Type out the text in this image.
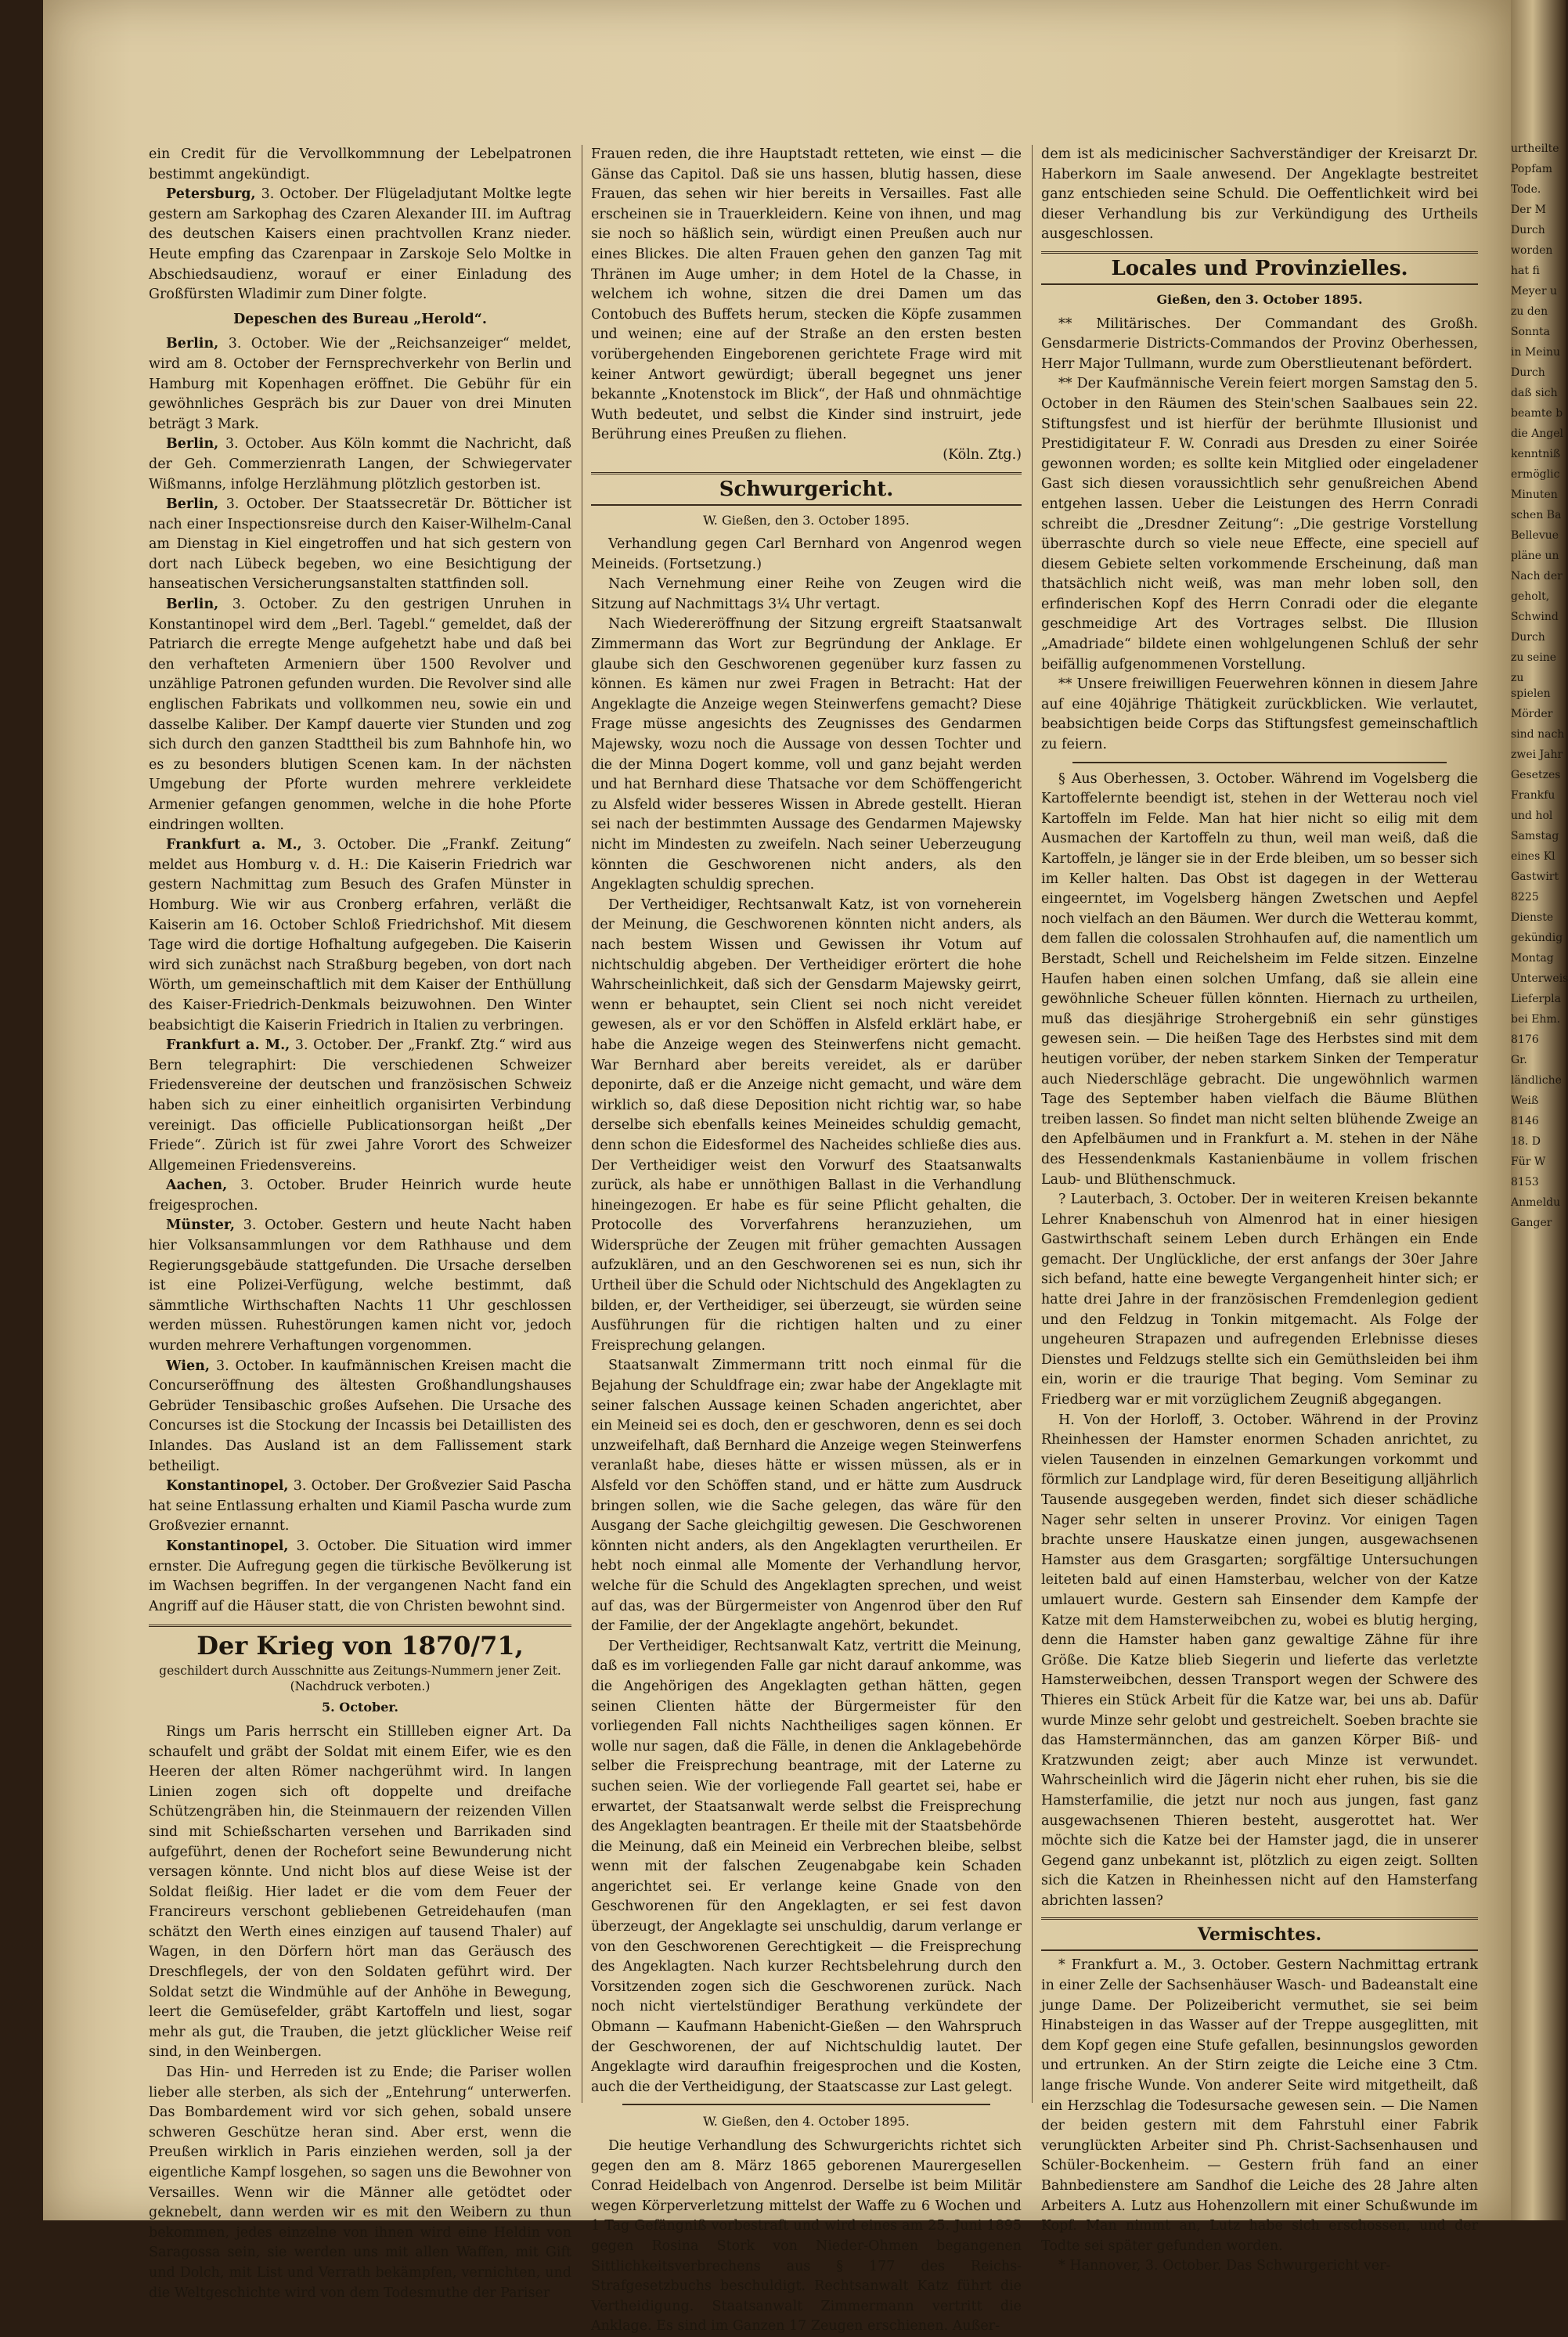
ein Credit für die Vervollkommnung der Lebelpatronen bestimmt angekündigt.

Petersburg, 3. October. Der Flügeladjutant Moltke legte gestern am Sarkophag des Czaren Alexander III. im Auftrag des deutschen Kaisers einen prachtvollen Kranz nieder. Heute empfing das Czarenpaar in Zarskoje Selo Moltke in Abschiedsaudienz, worauf er einer Einladung des Großfürsten Wladimir zum Diner folgte.

Depeschen des Bureau „Herold“.

Berlin, 3. October. Wie der „Reichsanzeiger“ meldet, wird am 8. October der Fernsprechverkehr von Berlin und Hamburg mit Kopenhagen eröffnet. Die Gebühr für ein gewöhnliches Gespräch bis zur Dauer von drei Minuten beträgt 3 Mark.

Berlin, 3. October. Aus Köln kommt die Nachricht, daß der Geh. Commerzienrath Langen, der Schwiegervater Wißmanns, infolge Herzlähmung plötzlich gestorben ist.

Berlin, 3. October. Der Staatssecretär Dr. Bötticher ist nach einer Inspectionsreise durch den Kaiser-Wilhelm-Canal am Dienstag in Kiel eingetroffen und hat sich gestern von dort nach Lübeck begeben, wo eine Besichtigung der hanseatischen Versicherungsanstalten stattfinden soll.

Berlin, 3. October. Zu den gestrigen Unruhen in Konstantinopel wird dem „Berl. Tagebl.“ gemeldet, daß der Patriarch die erregte Menge aufgehetzt habe und daß bei den verhafteten Armeniern über 1500 Revolver und unzählige Patronen gefunden wurden. Die Revolver sind alle englischen Fabrikats und vollkommen neu, sowie ein und dasselbe Kaliber. Der Kampf dauerte vier Stunden und zog sich durch den ganzen Stadttheil bis zum Bahnhofe hin, wo es zu besonders blutigen Scenen kam. In der nächsten Umgebung der Pforte wurden mehrere verkleidete Armenier gefangen genommen, welche in die hohe Pforte eindringen wollten.

Frankfurt a. M., 3. October. Die „Frankf. Zeitung“ meldet aus Homburg v. d. H.: Die Kaiserin Friedrich war gestern Nachmittag zum Besuch des Grafen Münster in Homburg. Wie wir aus Cronberg erfahren, verläßt die Kaiserin am 16. October Schloß Friedrichshof. Mit diesem Tage wird die dortige Hofhaltung aufgegeben. Die Kaiserin wird sich zunächst nach Straßburg begeben, von dort nach Wörth, um gemeinschaftlich mit dem Kaiser der Enthüllung des Kaiser-Friedrich-Denkmals beizuwohnen. Den Winter beabsichtigt die Kaiserin Friedrich in Italien zu verbringen.

Frankfurt a. M., 3. October. Der „Frankf. Ztg.“ wird aus Bern telegraphirt: Die verschiedenen Schweizer Friedensvereine der deutschen und französischen Schweiz haben sich zu einer einheitlich organisirten Verbindung vereinigt. Das officielle Publicationsorgan heißt „Der Friede“. Zürich ist für zwei Jahre Vorort des Schweizer Allgemeinen Friedensvereins.

Aachen, 3. October. Bruder Heinrich wurde heute freigesprochen.

Münster, 3. October. Gestern und heute Nacht haben hier Volksansammlungen vor dem Rathhause und dem Regierungsgebäude stattgefunden. Die Ursache derselben ist eine Polizei-Verfügung, welche bestimmt, daß sämmtliche Wirthschaften Nachts 11 Uhr geschlossen werden müssen. Ruhestörungen kamen nicht vor, jedoch wurden mehrere Verhaftungen vorgenommen.

Wien, 3. October. In kaufmännischen Kreisen macht die Concurseröffnung des ältesten Großhandlungshauses Gebrüder Tensibaschic großes Aufsehen. Die Ursache des Concurses ist die Stockung der Incassis bei Detaillisten des Inlandes. Das Ausland ist an dem Fallissement stark betheiligt.

Konstantinopel, 3. October. Der Großvezier Said Pascha hat seine Entlassung erhalten und Kiamil Pascha wurde zum Großvezier ernannt.

Konstantinopel, 3. October. Die Situation wird immer ernster. Die Aufregung gegen die türkische Bevölkerung ist im Wachsen begriffen. In der vergangenen Nacht fand ein Angriff auf die Häuser statt, die von Christen bewohnt sind.

Der Krieg von 1870/71,
geschildert durch Ausschnitte aus Zeitungs-Nummern jener Zeit. (Nachdruck verboten.)
5. October.

Rings um Paris herrscht ein Stillleben eigner Art. Da schaufelt und gräbt der Soldat mit einem Eifer, wie es den Heeren der alten Römer nachgerühmt wird. In langen Linien zogen sich oft doppelte und dreifache Schützengräben hin, die Steinmauern der reizenden Villen sind mit Schießscharten versehen und Barrikaden sind aufgeführt, denen der Rochefort seine Bewunderung nicht versagen könnte. Und nicht blos auf diese Weise ist der Soldat fleißig. Hier ladet er die vom dem Feuer der Francireurs verschont gebliebenen Getreidehaufen (man schätzt den Werth eines einzigen auf tausend Thaler) auf Wagen, in den Dörfern hört man das Geräusch des Dreschflegels, der von den Soldaten geführt wird. Der Soldat setzt die Windmühle auf der Anhöhe in Bewegung, leert die Gemüsefelder, gräbt Kartoffeln und liest, sogar mehr als gut, die Trauben, die jetzt glücklicher Weise reif sind, in den Weinbergen.

Das Hin- und Herreden ist zu Ende; die Pariser wollen lieber alle sterben, als sich der „Entehrung“ unterwerfen. Das Bombardement wird vor sich gehen, sobald unsere schweren Geschütze heran sind. Aber erst, wenn die Preußen wirklich in Paris einziehen werden, soll ja der eigentliche Kampf losgehen, so sagen uns die Bewohner von Versailles. Wenn wir die Männer alle getödtet oder geknebelt, dann werden wir es mit den Weibern zu thun bekommen, jedes einzelne von ihnen wird eine Heldin von Saragossa sein, sie werden uns mit allen Waffen, mit Gift und Dolch, mit List und Verrath bekämpfen, vernichten, und die Weltgeschichte wird von dem Todesmuthe der Pariser

Frauen reden, die ihre Hauptstadt retteten, wie einst — die Gänse das Capitol. Daß sie uns hassen, blutig hassen, diese Frauen, das sehen wir hier bereits in Versailles. Fast alle erscheinen sie in Trauerkleidern. Keine von ihnen, und mag sie noch so häßlich sein, würdigt einen Preußen auch nur eines Blickes. Die alten Frauen gehen den ganzen Tag mit Thränen im Auge umher; in dem Hotel de la Chasse, in welchem ich wohne, sitzen die drei Damen um das Contobuch des Buffets herum, stecken die Köpfe zusammen und weinen; eine auf der Straße an den ersten besten vorübergehenden Eingeborenen gerichtete Frage wird mit keiner Antwort gewürdigt; überall begegnet uns jener bekannte „Knotenstock im Blick“, der Haß und ohnmächtige Wuth bedeutet, und selbst die Kinder sind instruirt, jede Berührung eines Preußen zu fliehen.

(Köln. Ztg.)

Schwurgericht.
W. Gießen, den 3. October 1895.

Verhandlung gegen Carl Bernhard von Angenrod wegen Meineids. (Fortsetzung.)

Nach Vernehmung einer Reihe von Zeugen wird die Sitzung auf Nachmittags 3¼ Uhr vertagt.

Nach Wiedereröffnung der Sitzung ergreift Staatsanwalt Zimmermann das Wort zur Begründung der Anklage. Er glaube sich den Geschworenen gegenüber kurz fassen zu können. Es kämen nur zwei Fragen in Betracht: Hat der Angeklagte die Anzeige wegen Steinwerfens gemacht? Diese Frage müsse angesichts des Zeugnisses des Gendarmen Majewsky, wozu noch die Aussage von dessen Tochter und die der Minna Dogert komme, voll und ganz bejaht werden und hat Bernhard diese Thatsache vor dem Schöffengericht zu Alsfeld wider besseres Wissen in Abrede gestellt. Hieran sei nach der bestimmten Aussage des Gendarmen Majewsky nicht im Mindesten zu zweifeln. Nach seiner Ueberzeugung könnten die Geschworenen nicht anders, als den Angeklagten schuldig sprechen.

Der Vertheidiger, Rechtsanwalt Katz, ist von vorneherein der Meinung, die Geschworenen könnten nicht anders, als nach bestem Wissen und Gewissen ihr Votum auf nichtschuldig abgeben. Der Vertheidiger erörtert die hohe Wahrscheinlichkeit, daß sich der Gensdarm Majewsky geirrt, wenn er behauptet, sein Client sei noch nicht vereidet gewesen, als er vor den Schöffen in Alsfeld erklärt habe, er habe die Anzeige wegen des Steinwerfens nicht gemacht. War Bernhard aber bereits vereidet, als er darüber deponirte, daß er die Anzeige nicht gemacht, und wäre dem wirklich so, daß diese Deposition nicht richtig war, so habe derselbe sich ebenfalls keines Meineides schuldig gemacht, denn schon die Eidesformel des Nacheides schließe dies aus. Der Vertheidiger weist den Vorwurf des Staatsanwalts zurück, als habe er unnöthigen Ballast in die Verhandlung hineingezogen. Er habe es für seine Pflicht gehalten, die Protocolle des Vorverfahrens heranzuziehen, um Widersprüche der Zeugen mit früher gemachten Aussagen aufzuklären, und an den Geschworenen sei es nun, sich ihr Urtheil über die Schuld oder Nichtschuld des Angeklagten zu bilden, er, der Vertheidiger, sei überzeugt, sie würden seine Ausführungen für die richtigen halten und zu einer Freisprechung gelangen.

Staatsanwalt Zimmermann tritt noch einmal für die Bejahung der Schuldfrage ein; zwar habe der Angeklagte mit seiner falschen Aussage keinen Schaden angerichtet, aber ein Meineid sei es doch, den er geschworen, denn es sei doch unzweifelhaft, daß Bernhard die Anzeige wegen Steinwerfens veranlaßt habe, dieses hätte er wissen müssen, als er in Alsfeld vor den Schöffen stand, und er hätte zum Ausdruck bringen sollen, wie die Sache gelegen, das wäre für den Ausgang der Sache gleichgiltig gewesen. Die Geschworenen könnten nicht anders, als den Angeklagten verurtheilen. Er hebt noch einmal alle Momente der Verhandlung hervor, welche für die Schuld des Angeklagten sprechen, und weist auf das, was der Bürgermeister von Angenrod über den Ruf der Familie, der der Angeklagte angehört, bekundet.

Der Vertheidiger, Rechtsanwalt Katz, vertritt die Meinung, daß es im vorliegenden Falle gar nicht darauf ankomme, was die Angehörigen des Angeklagten gethan hätten, gegen seinen Clienten hätte der Bürgermeister für den vorliegenden Fall nichts Nachtheiliges sagen können. Er wolle nur sagen, daß die Fälle, in denen die Anklagebehörde selber die Freisprechung beantrage, mit der Laterne zu suchen seien. Wie der vorliegende Fall geartet sei, habe er erwartet, der Staatsanwalt werde selbst die Freisprechung des Angeklagten beantragen. Er theile mit der Staatsbehörde die Meinung, daß ein Meineid ein Verbrechen bleibe, selbst wenn mit der falschen Zeugenabgabe kein Schaden angerichtet sei. Er verlange keine Gnade von den Geschworenen für den Angeklagten, er sei fest davon überzeugt, der Angeklagte sei unschuldig, darum verlange er von den Geschworenen Gerechtigkeit — die Freisprechung des Angeklagten. Nach kurzer Rechtsbelehrung durch den Vorsitzenden zogen sich die Geschworenen zurück. Nach noch nicht viertelstündiger Berathung verkündete der Obmann — Kaufmann Habenicht-Gießen — den Wahrspruch der Geschworenen, der auf Nichtschuldig lautet. Der Angeklagte wird daraufhin freigesprochen und die Kosten, auch die der Vertheidigung, der Staatscasse zur Last gelegt.

W. Gießen, den 4. October 1895.

Die heutige Verhandlung des Schwurgerichts richtet sich gegen den am 8. März 1865 geborenen Maurergesellen Conrad Heidelbach von Angenrod. Derselbe ist beim Militär wegen Körperverletzung mittelst der Waffe zu 6 Wochen und 1 Tag Gefängniß vorbestraft und wird eines am 25. Juni 1895 gegen Rosina Stork von Nieder-Ohmen begangenen Sittlichkeitsverbrechens aus § 177 des Reichs-Strafgesetzbuchs beschuldigt. Rechtsanwalt Katz führt die Vertheidigung. Staatsanwalt Zimmermann vertritt die Anklage. Es sind im Ganzen 17 Zeugen erschienen. Außer-

dem ist als medicinischer Sachverständiger der Kreisarzt Dr. Haberkorn im Saale anwesend. Der Angeklagte bestreitet ganz entschieden seine Schuld. Die Oeffentlichkeit wird bei dieser Verhandlung bis zur Verkündigung des Urtheils ausgeschlossen.

Locales und Provinzielles.
Gießen, den 3. October 1895.

** Militärisches. Der Commandant des Großh. Gensdarmerie Districts-Commandos der Provinz Oberhessen, Herr Major Tullmann, wurde zum Oberstlieutenant befördert.

** Der Kaufmännische Verein feiert morgen Samstag den 5. October in den Räumen des Stein'schen Saalbaues sein 22. Stiftungsfest und ist hierfür der berühmte Illusionist und Prestidigitateur F. W. Conradi aus Dresden zu einer Soirée gewonnen worden; es sollte kein Mitglied oder eingeladener Gast sich diesen voraussichtlich sehr genußreichen Abend entgehen lassen. Ueber die Leistungen des Herrn Conradi schreibt die „Dresdner Zeitung“: „Die gestrige Vorstellung überraschte durch so viele neue Effecte, eine speciell auf diesem Gebiete selten vorkommende Erscheinung, daß man thatsächlich nicht weiß, was man mehr loben soll, den erfinderischen Kopf des Herrn Conradi oder die elegante geschmeidige Art des Vortrages selbst. Die Illusion „Amadriade“ bildete einen wohlgelungenen Schluß der sehr beifällig aufgenommenen Vorstellung.

** Unsere freiwilligen Feuerwehren können in diesem Jahre auf eine 40jährige Thätigkeit zurückblicken. Wie verlautet, beabsichtigen beide Corps das Stiftungsfest gemeinschaftlich zu feiern.

§ Aus Oberhessen, 3. October. Während im Vogelsberg die Kartoffelernte beendigt ist, stehen in der Wetterau noch viel Kartoffeln im Felde. Man hat hier nicht so eilig mit dem Ausmachen der Kartoffeln zu thun, weil man weiß, daß die Kartoffeln, je länger sie in der Erde bleiben, um so besser sich im Keller halten. Das Obst ist dagegen in der Wetterau eingeerntet, im Vogelsberg hängen Zwetschen und Aepfel noch vielfach an den Bäumen. Wer durch die Wetterau kommt, dem fallen die colossalen Strohhaufen auf, die namentlich um Berstadt, Schell und Reichelsheim im Felde sitzen. Einzelne Haufen haben einen solchen Umfang, daß sie allein eine gewöhnliche Scheuer füllen könnten. Hiernach zu urtheilen, muß das diesjährige Strohergebniß ein sehr günstiges gewesen sein. — Die heißen Tage des Herbstes sind mit dem heutigen vorüber, der neben starkem Sinken der Temperatur auch Niederschläge gebracht. Die ungewöhnlich warmen Tage des September haben vielfach die Bäume Blüthen treiben lassen. So findet man nicht selten blühende Zweige an den Apfelbäumen und in Frankfurt a. M. stehen in der Nähe des Hessendenkmals Kastanienbäume in vollem frischen Laub- und Blüthenschmuck.

? Lauterbach, 3. October. Der in weiteren Kreisen bekannte Lehrer Knabenschuh von Almenrod hat in einer hiesigen Gastwirthschaft seinem Leben durch Erhängen ein Ende gemacht. Der Unglückliche, der erst anfangs der 30er Jahre sich befand, hatte eine bewegte Vergangenheit hinter sich; er hatte drei Jahre in der französischen Fremdenlegion gedient und den Feldzug in Tonkin mitgemacht. Als Folge der ungeheuren Strapazen und aufregenden Erlebnisse dieses Dienstes und Feldzugs stellte sich ein Gemüthsleiden bei ihm ein, worin er die traurige That beging. Vom Seminar zu Friedberg war er mit vorzüglichem Zeugniß abgegangen.

H. Von der Horloff, 3. October. Während in der Provinz Rheinhessen der Hamster enormen Schaden anrichtet, zu vielen Tausenden in einzelnen Gemarkungen vorkommt und förmlich zur Landplage wird, für deren Beseitigung alljährlich Tausende ausgegeben werden, findet sich dieser schädliche Nager sehr selten in unserer Provinz. Vor einigen Tagen brachte unsere Hauskatze einen jungen, ausgewachsenen Hamster aus dem Grasgarten; sorgfältige Untersuchungen leiteten bald auf einen Hamsterbau, welcher von der Katze umlauert wurde. Gestern sah Einsender dem Kampfe der Katze mit dem Hamsterweibchen zu, wobei es blutig herging, denn die Hamster haben ganz gewaltige Zähne für ihre Größe. Die Katze blieb Siegerin und lieferte das verletzte Hamsterweibchen, dessen Transport wegen der Schwere des Thieres ein Stück Arbeit für die Katze war, bei uns ab. Dafür wurde Minze sehr gelobt und gestreichelt. Soeben brachte sie das Hamstermännchen, das am ganzen Körper Biß- und Kratzwunden zeigt; aber auch Minze ist verwundet. Wahrscheinlich wird die Jägerin nicht eher ruhen, bis sie die Hamsterfamilie, die jetzt nur noch aus jungen, fast ganz ausgewachsenen Thieren besteht, ausgerottet hat. Wer möchte sich die Katze bei der Hamster jagd, die in unserer Gegend ganz unbekannt ist, plötzlich zu eigen zeigt. Sollten sich die Katzen in Rheinhessen nicht auf den Hamsterfang abrichten lassen?

Vermischtes.

* Frankfurt a. M., 3. October. Gestern Nachmittag ertrank in einer Zelle der Sachsenhäuser Wasch- und Badeanstalt eine junge Dame. Der Polizeibericht vermuthet, sie sei beim Hinabsteigen in das Wasser auf der Treppe ausgeglitten, mit dem Kopf gegen eine Stufe gefallen, besinnungslos geworden und ertrunken. An der Stirn zeigte die Leiche eine 3 Ctm. lange frische Wunde. Von anderer Seite wird mitgetheilt, daß ein Herzschlag die Todesursache gewesen sein. — Die Namen der beiden gestern mit dem Fahrstuhl einer Fabrik verunglückten Arbeiter sind Ph. Christ-Sachsenhausen und Schüler-Bockenheim. — Gestern früh fand an einer Bahnbedienstere am Sandhof die Leiche des 28 Jahre alten Arbeiters A. Lutz aus Hohenzollern mit einer Schußwunde im Kopf. Man nimmt an, Lutz habe sich erschossen, und der Todte sei später gefunden worden.

* Hannover, 3. October. Das Schwurgericht ver-

urtheilte

Popfam

Tode.

Der M

Durch

worden

hat fi

Meyer u

zu den

Sonnta

in Meinu

Durch

daß sich

beamte b

die Angel

kenntniß

ermöglic

Minuten

schen Ba

Bellevue

pläne un

Nach der

geholt,

Schwind

Durch

zu seine

zu spielen

Mörder

sind nach

zwei Jahr

Gesetzes

Frankfu

und hol

Samstag

eines Kl

Gastwirt

8225

Dienste

gekündig

Montag

Unterweis

Lieferpla

bei Ehm.

8176

Gr.

ländliche

Weiß

8146

18. D

Für W

8153

Anmeldu

Ganger
